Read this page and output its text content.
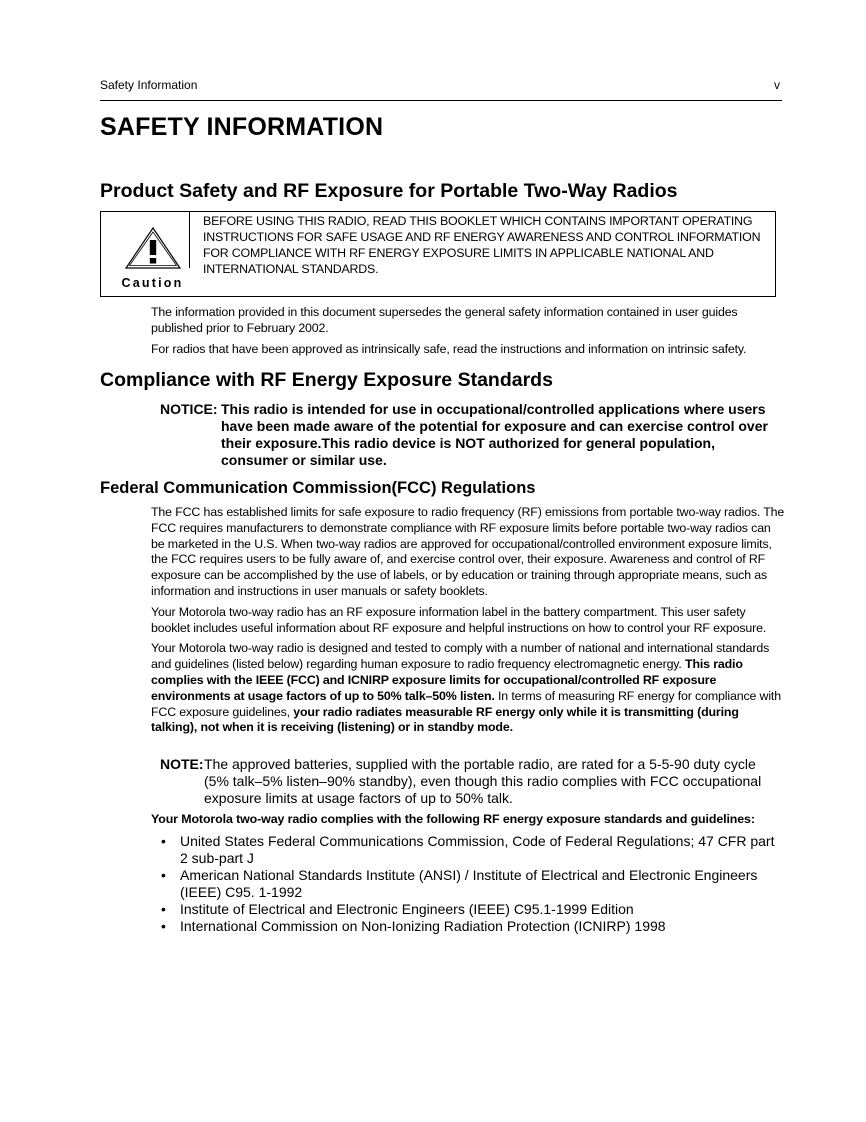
Safety Information	v
SAFETY INFORMATION
Product Safety and RF Exposure for Portable Two-Way Radios
Caution
BEFORE USING THIS RADIO, READ THIS BOOKLET WHICH CONTAINS IMPORTANT OPERATING INSTRUCTIONS FOR SAFE USAGE AND RF ENERGY AWARENESS AND CONTROL INFORMATION FOR COMPLIANCE WITH RF ENERGY EXPOSURE LIMITS IN APPLICABLE NATIONAL AND INTERNATIONAL STANDARDS.

The information provided in this document supersedes the general safety information contained in user guides published prior to February 2002.

For radios that have been approved as intrinsically safe, read the instructions and information on intrinsic safety.

Compliance with RF Energy Exposure Standards
NOTICE: This radio is intended for use in occupational/controlled applications where users have been made aware of the potential for exposure and can exercise control over their exposure.This radio device is NOT authorized for general population, consumer or similar use.
Federal Communication Commission(FCC) Regulations

The FCC has established limits for safe exposure to radio frequency (RF) emissions from portable two-way radios. The FCC requires manufacturers to demonstrate compliance with RF exposure limits before portable two-way radios can be marketed in the U.S. When two-way radios are approved for occupational/controlled environment exposure limits, the FCC requires users to be fully aware of, and exercise control over, their exposure. Awareness and control of RF exposure can be accomplished by the use of labels, or by education or training through appropriate means, such as information and instructions in user manuals or safety booklets.

Your Motorola two-way radio has an RF exposure information label in the battery compartment. This user safety booklet includes useful information about RF exposure and helpful instructions on how to control your RF exposure.

Your Motorola two-way radio is designed and tested to comply with a number of national and international standards and guidelines (listed below) regarding human exposure to radio frequency electromagnetic energy. This radio complies with the IEEE (FCC) and ICNIRP exposure limits for occupational/controlled RF exposure environments at usage factors of up to 50% talk–50% listen. In terms of measuring RF energy for compliance with FCC exposure guidelines, your radio radiates measurable RF energy only while it is transmitting (during talking), not when it is receiving (listening) or in standby mode.

NOTE: The approved batteries, supplied with the portable radio, are rated for a 5-5-90 duty cycle (5% talk–5% listen–90% standby), even though this radio complies with FCC occupational exposure limits at usage factors of up to 50% talk.
Your Motorola two-way radio complies with the following RF energy exposure standards and guidelines:
• United States Federal Communications Commission, Code of Federal Regulations; 47 CFR part 2 sub-part J
• American National Standards Institute (ANSI) / Institute of Electrical and Electronic Engineers (IEEE) C95. 1-1992
• Institute of Electrical and Electronic Engineers (IEEE) C95.1-1999 Edition
• International Commission on Non-Ionizing Radiation Protection (ICNIRP) 1998
